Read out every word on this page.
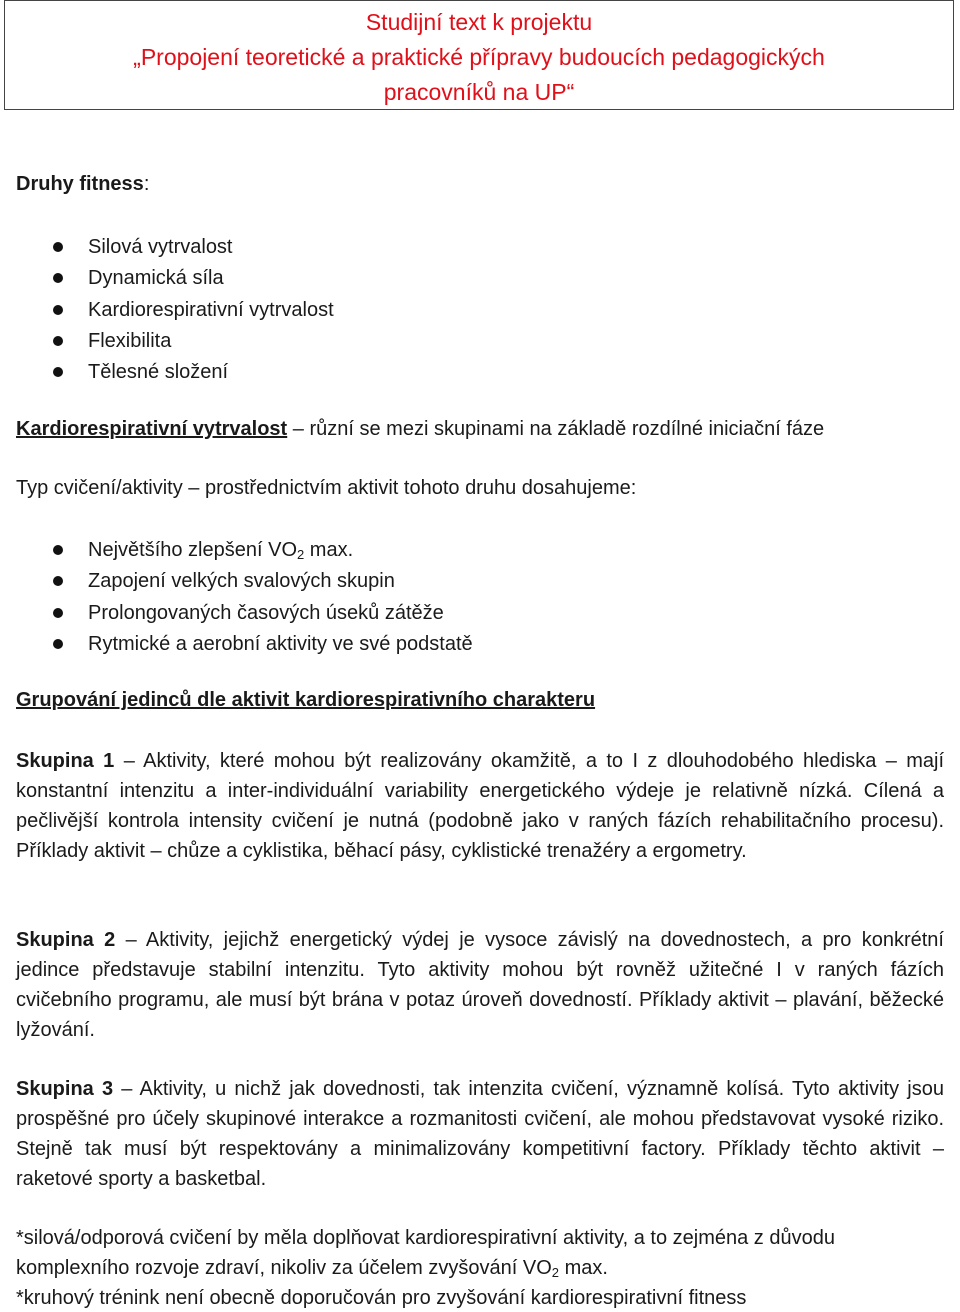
Studijní text k projektu
„Propojení teoretické a praktické přípravy budoucích pedagogických
pracovníků na UP“
Druhy fitness:
Silová vytrvalost
Dynamická síla
Kardiorespirativní vytrvalost
Flexibilita
Tělesné složení
Kardiorespirativní vytrvalost – různí se mezi skupinami na základě rozdílné iniciační fáze
Typ cvičení/aktivity – prostřednictvím aktivit tohoto druhu dosahujeme:
Největšího zlepšení $VO_2$ max.
Zapojení velkých svalových skupin
Prolongovaných časových úseků zátěže
Rytmické a aerobní aktivity ve své podstatě
Grupování jedinců dle aktivit kardiorespirativního charakteru

Skupina 1 – Aktivity, které mohou být realizovány okamžitě, a to I z dlouhodobého hlediska – mají konstantní intenzitu a inter-individuální variability energetického výdeje je relativně nízká. Cílená a pečlivější kontrola intensity cvičení je nutná (podobně jako v raných fázích rehabilitačního procesu). Příklady aktivit – chůze a cyklistika, běhací pásy, cyklistické trenažéry a ergometry.

Skupina 2 – Aktivity, jejichž energetický výdej je vysoce závislý na dovednostech, a pro konkrétní jedince představuje stabilní intenzitu. Tyto aktivity mohou být rovněž užitečné I v raných fázích cvičebního programu, ale musí být brána v potaz úroveň dovedností. Příklady aktivit – plavání, běžecké lyžování.

Skupina 3 – Aktivity, u nichž jak dovednosti, tak intenzita cvičení, významně kolísá. Tyto aktivity jsou prospěšné pro účely skupinové interakce a rozmanitosti cvičení, ale mohou představovat vysoké riziko. Stejně tak musí být respektovány a minimalizovány kompetitivní factory. Příklady těchto aktivit – raketové sporty a basketbal.

*silová/odporová cvičení by měla doplňovat kardiorespirativní aktivity, a to zejména z důvodu komplexního rozvoje zdraví, nikoliv za účelem zvyšování $VO_2$ max.

*kruhový trénink není obecně doporučován pro zvyšování kardiorespirativní fitness
